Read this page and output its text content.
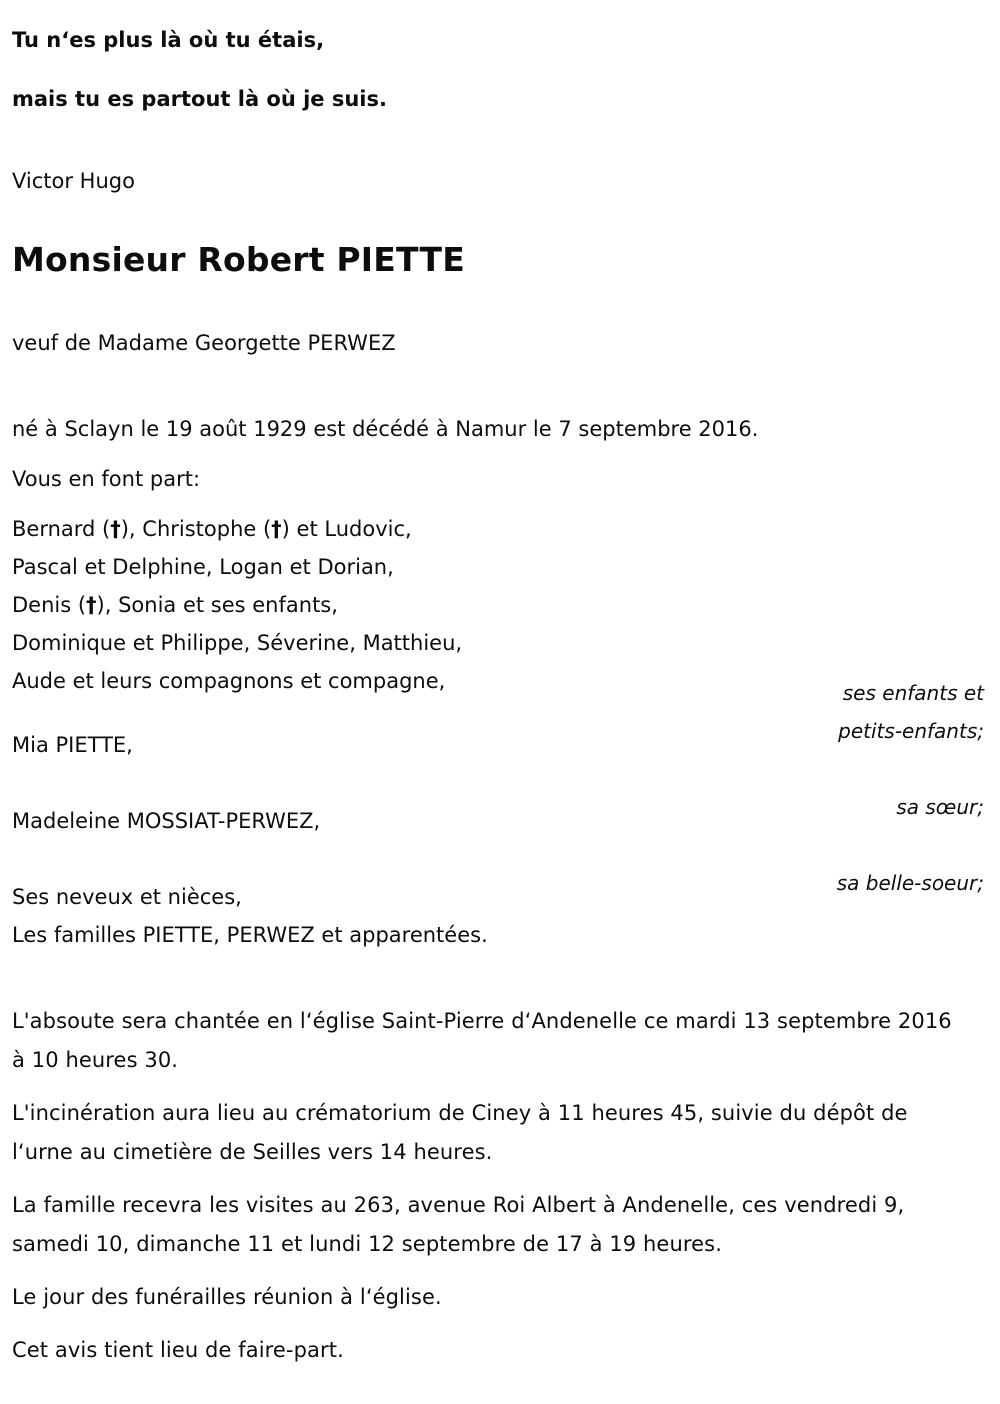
Tu n‘es plus là où tu étais,

mais tu es partout là où je suis.

Victor Hugo
Monsieur Robert PIETTE
veuf de Madame Georgette PERWEZ
né à Sclayn le 19 août 1929 est décédé à Namur le 7 septembre 2016.
Vous en font part:
Bernard (†), Christophe (†) et Ludovic,
Pascal et Delphine, Logan et Dorian,
Denis (†), Sonia et ses enfants,
Dominique et Philippe, Séverine, Matthieu,
Aude et leurs compagnons et compagne,	ses enfants et
petits-enfants;
sa sœur;
sa belle-soeur;
Mia PIETTE,
Madeleine MOSSIAT-PERWEZ,
Ses neveux et nièces,
Les familles PIETTE, PERWEZ et apparentées.

L'absoute sera chantée en l‘église Saint-Pierre d‘Andenelle ce mardi 13 septembre 2016 à 10 heures 30.

L'incinération aura lieu au crématorium de Ciney à 11 heures 45, suivie du dépôt de l‘urne au cimetière de Seilles vers 14 heures.

La famille recevra les visites au 263, avenue Roi Albert à Andenelle, ces vendredi 9, samedi 10, dimanche 11 et lundi 12 septembre de 17 à 19 heures.

Le jour des funérailles réunion à l‘église.

Cet avis tient lieu de faire-part.
